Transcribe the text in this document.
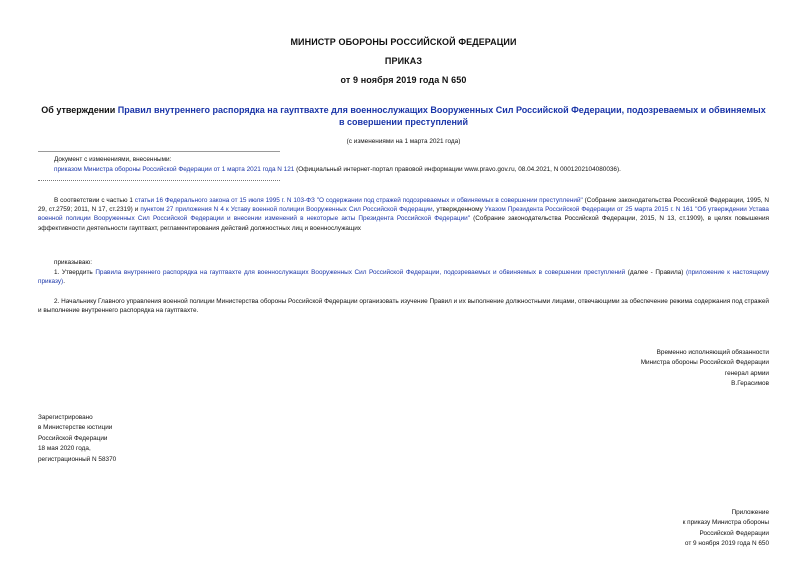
МИНИСТР ОБОРОНЫ РОССИЙСКОЙ ФЕДЕРАЦИИ
ПРИКАЗ
от 9 ноября 2019 года N 650
Об утверждении Правил внутреннего распорядка на гауптвахте для военнослужащих Вооруженных Сил Российской Федерации, подозреваемых и обвиняемых в совершении преступлений
(с изменениями на 1 марта 2021 года)
Документ с изменениями, внесенными:
приказом Министра обороны Российской Федерации от 1 марта 2021 года N 121 (Официальный интернет-портал правовой информации www.pravo.gov.ru, 08.04.2021, N 0001202104080036).
В соответствии с частью 1 статьи 16 Федерального закона от 15 июля 1995 г. N 103-ФЗ "О содержании под стражей подозреваемых и обвиняемых в совершении преступлений" (Собрание законодательства Российской Федерации, 1995, N 29, ст.2759; 2011, N 17, ст.2319) и пунктом 27 приложения N 4 к Уставу военной полиции Вооруженных Сил Российской Федерации, утвержденному Указом Президента Российской Федерации от 25 марта 2015 г. N 161 "Об утверждении Устава военной полиции Вооруженных Сил Российской Федерации и внесении изменений в некоторые акты Президента Российской Федерации" (Собрание законодательства Российской Федерации, 2015, N 13, ст.1909), в целях повышения эффективности деятельности гауптвахт, регламентирования действий должностных лиц и военнослужащих
приказываю:
1. Утвердить Правила внутреннего распорядка на гауптвахте для военнослужащих Вооруженных Сил Российской Федерации, подозреваемых и обвиняемых в совершении преступлений (далее - Правила) (приложение к настоящему приказу).
2. Начальнику Главного управления военной полиции Министерства обороны Российской Федерации организовать изучение Правил и их выполнение должностными лицами, отвечающими за обеспечение режима содержания под стражей и выполнение внутреннего распорядка на гауптвахте.
Временно исполняющий обязанности
Министра обороны Российской Федерации
генерал армии
В.Герасимов
Зарегистрировано
в Министерстве юстиции
Российской Федерации
18 мая 2020 года,
регистрационный N 58370
Приложение
к приказу Министра обороны
Российской Федерации
от 9 ноября 2019 года N 650
